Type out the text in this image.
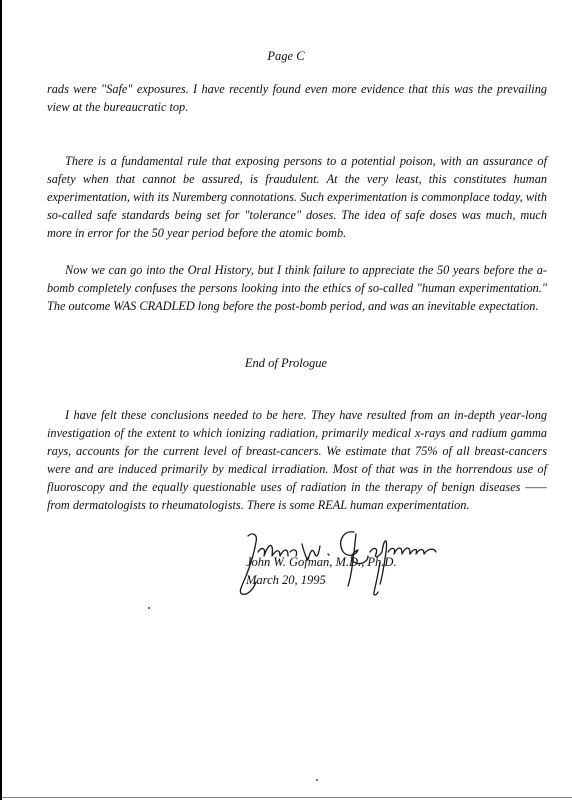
Page C

rads were "Safe" exposures. I have recently found even more evidence that this was the prevailing view at the bureaucratic top.

There is a fundamental rule that exposing persons to a potential poison, with an assurance of safety when that cannot be assured, is fraudulent. At the very least, this constitutes human experimentation, with its Nuremberg connotations. Such experimentation is commonplace today, with so-called safe standards being set for "tolerance" doses. The idea of safe doses was much, much more in error for the 50 year period before the atomic bomb.

Now we can go into the Oral History, but I think failure to appreciate the 50 years before the a-bomb completely confuses the persons looking into the ethics of so-called "human experimentation." The outcome WAS CRADLED long before the post-bomb period, and was an inevitable expectation.

End of Prologue

I have felt these conclusions needed to be here. They have resulted from an in-depth year-long investigation of the extent to which ionizing radiation, primarily medical x-rays and radium gamma rays, accounts for the current level of breast-cancers. We estimate that 75% of all breast-cancers were and are induced primarily by medical irradiation. Most of that was in the horrendous use of fluoroscopy and the equally questionable uses of radiation in the therapy of benign diseases —— from dermatologists to rheumatologists. There is some REAL human experimentation.

John W. Gofman, M.D., Ph.D.
March 20, 1995
